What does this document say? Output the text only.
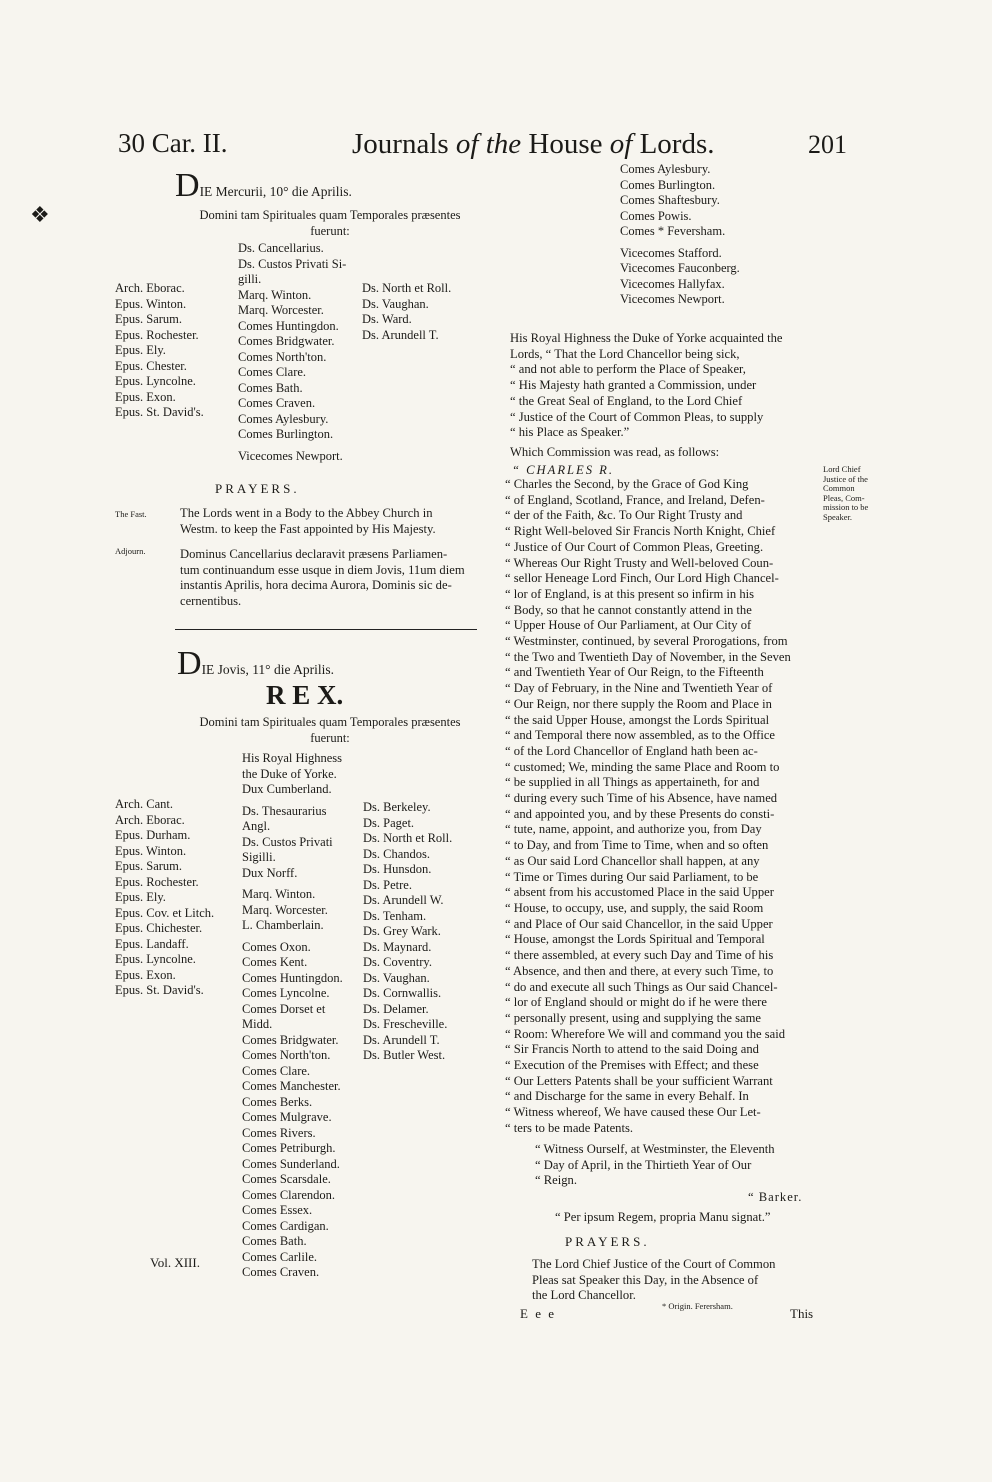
30 Car. II.	Journals of the House of Lords.	201
❖
DIE Mercurii, 10° die Aprilis.
Domini tam Spirituales quam Temporales præsentes
fuerunt:
Arch. Eborac.
Epus. Winton.
Epus. Sarum.
Epus. Rochester.
Epus. Ely.
Epus. Chester.
Epus. Lyncolne.
Epus. Exon.
Epus. St. David's.
Ds. Cancellarius.
Ds. Custos Privati Si-
gilli.
Marq. Winton.
Marq. Worcester.
Comes Huntingdon.
Comes Bridgwater.
Comes North'ton.
Comes Clare.
Comes Bath.
Comes Craven.
Comes Aylesbury.
Comes Burlington.
Vicecomes Newport.
Ds. North et Roll.
Ds. Vaughan.
Ds. Ward.
Ds. Arundell T.
PRAYERS.
The Fast.	The Lords went in a Body to the Abbey Church in
Westm. to keep the Fast appointed by His Majesty.
Adjourn.	Dominus Cancellarius declaravit præsens Parliamen-
tum continuandum esse usque in diem Jovis, 11um diem
instantis Aprilis, hora decima Aurora, Dominis sic de-
cernentibus.
DIE Jovis, 11° die Aprilis.
R E X.
Domini tam Spirituales quam Temporales præsentes
fuerunt:
Arch. Cant.
Arch. Eborac.
Epus. Durham.
Epus. Winton.
Epus. Sarum.
Epus. Rochester.
Epus. Ely.
Epus. Cov. et Litch.
Epus. Chichester.
Epus. Landaff.
Epus. Lyncolne.
Epus. Exon.
Epus. St. David's.
His Royal Highness
the Duke of Yorke.
Dux Cumberland.
Ds. Thesaurarius
Angl.
Ds. Custos Privati
Sigilli.
Dux Norff.
Marq. Winton.
Marq. Worcester.
L. Chamberlain.
Comes Oxon.
Comes Kent.
Comes Huntingdon.
Comes Lyncolne.
Comes Dorset et
Midd.
Comes Bridgwater.
Comes North'ton.
Comes Clare.
Comes Manchester.
Comes Berks.
Comes Mulgrave.
Comes Rivers.
Comes Petriburgh.
Comes Sunderland.
Comes Scarsdale.
Comes Clarendon.
Comes Essex.
Comes Cardigan.
Comes Bath.
Comes Carlile.
Comes Craven.
Ds. Berkeley.
Ds. Paget.
Ds. North et Roll.
Ds. Chandos.
Ds. Hunsdon.
Ds. Petre.
Ds. Arundell W.
Ds. Tenham.
Ds. Grey Wark.
Ds. Maynard.
Ds. Coventry.
Ds. Vaughan.
Ds. Cornwallis.
Ds. Delamer.
Ds. Frescheville.
Ds. Arundell T.
Ds. Butler West.
Vol. XIII.
Comes Aylesbury.
Comes Burlington.
Comes Shaftesbury.
Comes Powis.
Comes * Feversham.
Vicecomes Stafford.
Vicecomes Fauconberg.
Vicecomes Hallyfax.
Vicecomes Newport.
His Royal Highness the Duke of Yorke acquainted the
Lords, “ That the Lord Chancellor being sick,
“ and not able to perform the Place of Speaker,
“ His Majesty hath granted a Commission, under
“ the Great Seal of England, to the Lord Chief
“ Justice of the Court of Common Pleas, to supply
“ his Place as Speaker.”
Which Commission was read, as follows:
“ CHARLES R.	Lord Chief
Justice of the
Common
Pleas, Com-
mission to be
Speaker.
“ Charles the Second, by the Grace of God King
“ of England, Scotland, France, and Ireland, Defen-
“ der of the Faith, &c. To Our Right Trusty and
“ Right Well-beloved Sir Francis North Knight, Chief
“ Justice of Our Court of Common Pleas, Greeting.
“ Whereas Our Right Trusty and Well-beloved Coun-
“ sellor Heneage Lord Finch, Our Lord High Chancel-
“ lor of England, is at this present so infirm in his
“ Body, so that he cannot constantly attend in the
“ Upper House of Our Parliament, at Our City of
“ Westminster, continued, by several Prorogations, from
“ the Two and Twentieth Day of November, in the Seven
“ and Twentieth Year of Our Reign, to the Fifteenth
“ Day of February, in the Nine and Twentieth Year of
“ Our Reign, nor there supply the Room and Place in
“ the said Upper House, amongst the Lords Spiritual
“ and Temporal there now assembled, as to the Office
“ of the Lord Chancellor of England hath been ac-
“ customed; We, minding the same Place and Room to
“ be supplied in all Things as appertaineth, for and
“ during every such Time of his Absence, have named
“ and appointed you, and by these Presents do consti-
“ tute, name, appoint, and authorize you, from Day
“ to Day, and from Time to Time, when and so often
“ as Our said Lord Chancellor shall happen, at any
“ Time or Times during Our said Parliament, to be
“ absent from his accustomed Place in the said Upper
“ House, to occupy, use, and supply, the said Room
“ and Place of Our said Chancellor, in the said Upper
“ House, amongst the Lords Spiritual and Temporal
“ there assembled, at every such Day and Time of his
“ Absence, and then and there, at every such Time, to
“ do and execute all such Things as Our said Chancel-
“ lor of England should or might do if he were there
“ personally present, using and supplying the same
“ Room: Wherefore We will and command you the said
“ Sir Francis North to attend to the said Doing and
“ Execution of the Premises with Effect; and these
“ Our Letters Patents shall be your sufficient Warrant
“ and Discharge for the same in every Behalf. In
“ Witness whereof, We have caused these Our Let-
“ ters to be made Patents.
“ Witness Ourself, at Westminster, the Eleventh
“ Day of April, in the Thirtieth Year of Our
“ Reign.
“ Barker.
“ Per ipsum Regem, propria Manu signat.”
PRAYERS.
The Lord Chief Justice of the Court of Common
Pleas sat Speaker this Day, in the Absence of
the Lord Chancellor.
* Origin. Ferersham.
E e e	This
